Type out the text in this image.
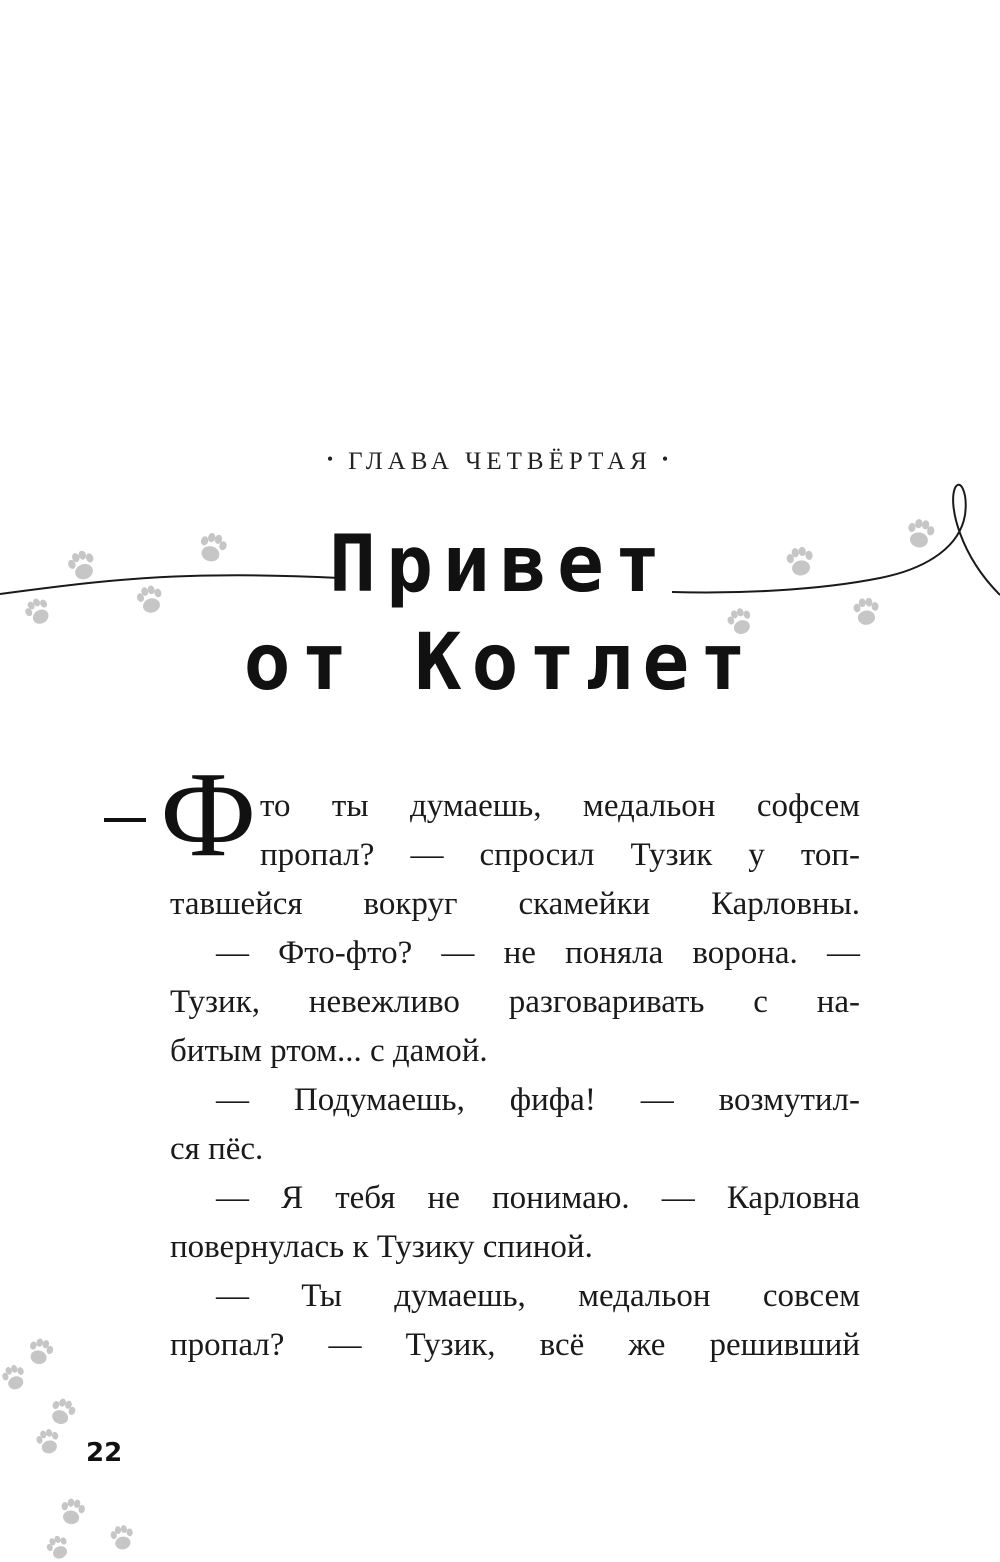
• ГЛАВА ЧЕТВЁРТАЯ •
Привет
от Котлет
Ф то ты думаешь, медальон софсем
пропал? — спросил Тузик у топ-
тавшейся вокруг скамейки Карловны.
— Фто-фто? — не поняла ворона. —
Тузик, невежливо разговаривать с на-
битым ртом... с дамой.
— Подумаешь, фифа! — возмутил-
ся пёс.
— Я тебя не понимаю. — Карловна
повернулась к Тузику спиной.
— Ты думаешь, медальон совсем
пропал? — Тузик, всё же решивший
22
